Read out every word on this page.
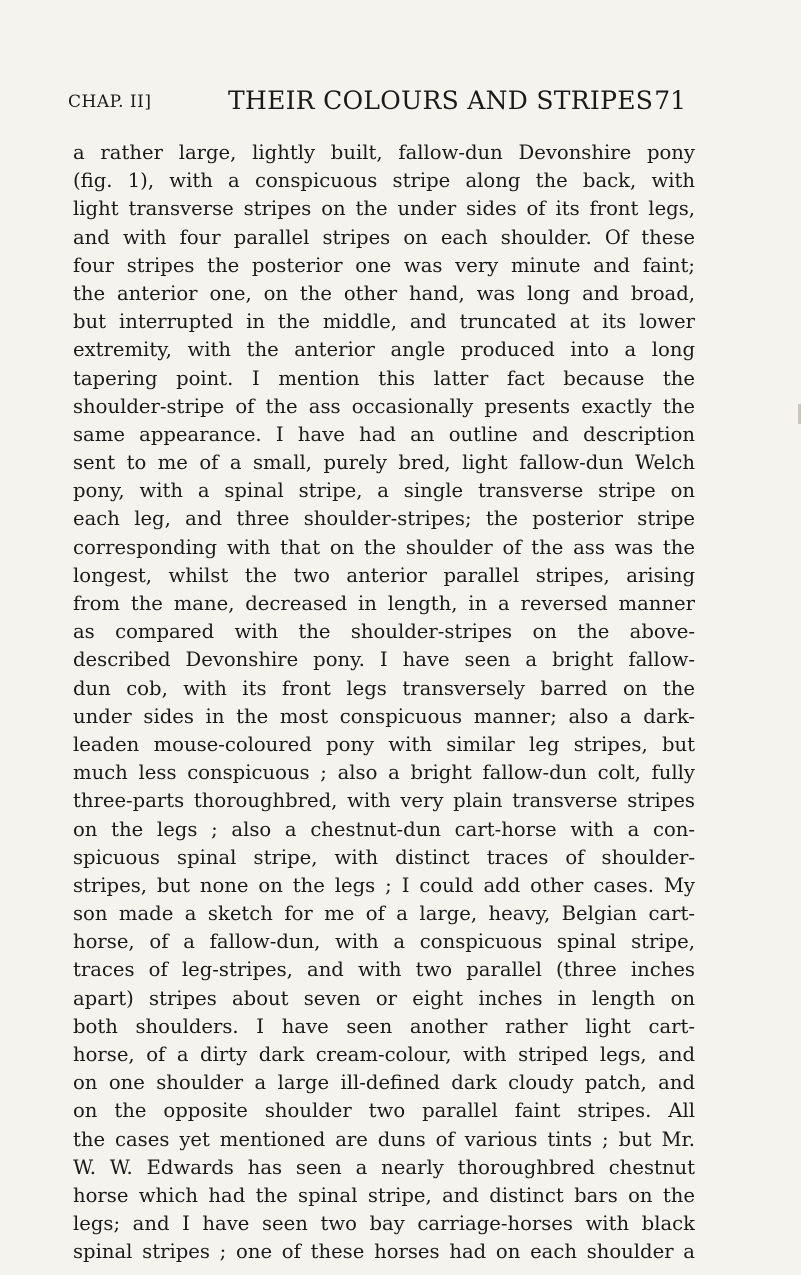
CHAP. II]	THEIR COLOURS AND STRIPES 71
a rather large, lightly built, fallow-dun Devonshire pony
(fig. 1), with a conspicuous stripe along the back, with
light transverse stripes on the under sides of its front legs,
and with four parallel stripes on each shoulder. Of these
four stripes the posterior one was very minute and faint;
the anterior one, on the other hand, was long and broad,
but interrupted in the middle, and truncated at its lower
extremity, with the anterior angle produced into a long
tapering point. I mention this latter fact because the
shoulder-stripe of the ass occasionally presents exactly the
same appearance. I have had an outline and description
sent to me of a small, purely bred, light fallow-dun Welch
pony, with a spinal stripe, a single transverse stripe on
each leg, and three shoulder-stripes; the posterior stripe
corresponding with that on the shoulder of the ass was the
longest, whilst the two anterior parallel stripes, arising
from the mane, decreased in length, in a reversed manner
as compared with the shoulder-stripes on the above-
described Devonshire pony. I have seen a bright fallow-
dun cob, with its front legs transversely barred on the
under sides in the most conspicuous manner; also a dark-
leaden mouse-coloured pony with similar leg stripes, but
much less conspicuous ; also a bright fallow-dun colt, fully
three-parts thoroughbred, with very plain transverse stripes
on the legs ; also a chestnut-dun cart-horse with a con-
spicuous spinal stripe, with distinct traces of shoulder-
stripes, but none on the legs ; I could add other cases. My
son made a sketch for me of a large, heavy, Belgian cart-
horse, of a fallow-dun, with a conspicuous spinal stripe,
traces of leg-stripes, and with two parallel (three inches
apart) stripes about seven or eight inches in length on
both shoulders. I have seen another rather light cart-
horse, of a dirty dark cream-colour, with striped legs, and
on one shoulder a large ill-defined dark cloudy patch, and
on the opposite shoulder two parallel faint stripes. All
the cases yet mentioned are duns of various tints ; but Mr.
W. W. Edwards has seen a nearly thoroughbred chestnut
horse which had the spinal stripe, and distinct bars on the
legs; and I have seen two bay carriage-horses with black
spinal stripes ; one of these horses had on each shoulder a
